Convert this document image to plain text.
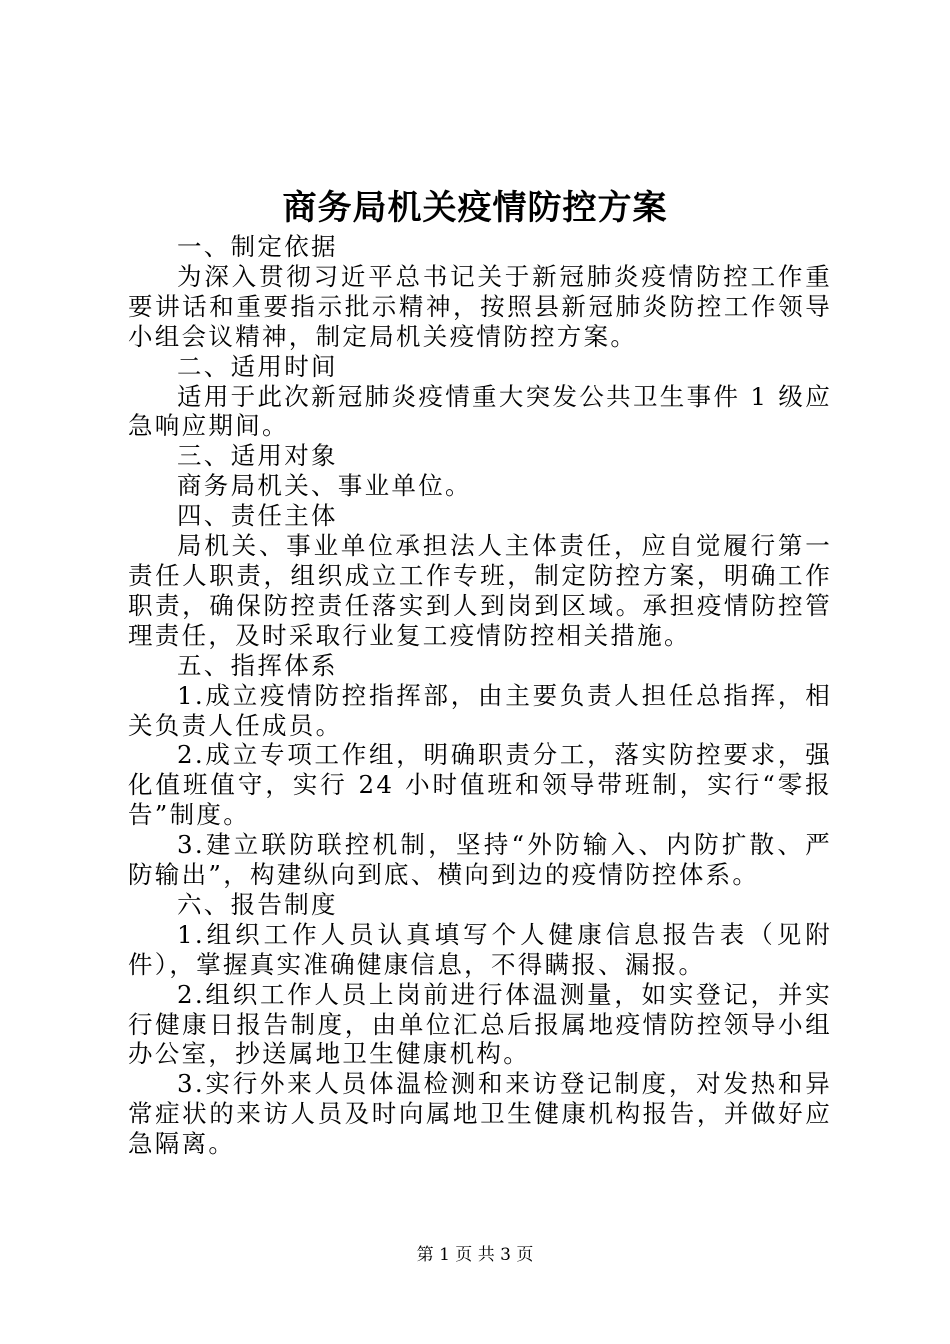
商务局机关疫情防控方案

一、制定依据

为深入贯彻习近平总书记关于新冠肺炎疫情防控工作重要讲话和重要指示批示精神，按照县新冠肺炎防控工作领导小组会议精神，制定局机关疫情防控方案。

二、适用时间

适用于此次新冠肺炎疫情重大突发公共卫生事件 1 级应急响应期间。

三、适用对象

商务局机关、事业单位。

四、责任主体

局机关、事业单位承担法人主体责任，应自觉履行第一责任人职责，组织成立工作专班，制定防控方案，明确工作职责，确保防控责任落实到人到岗到区域。承担疫情防控管理责任，及时采取行业复工疫情防控相关措施。

五、指挥体系

1.成立疫情防控指挥部，由主要负责人担任总指挥，相关负责人任成员。

2.成立专项工作组，明确职责分工，落实防控要求，强化值班值守，实行 24 小时值班和领导带班制，实行“零报告”制度。

3.建立联防联控机制，坚持“外防输入、内防扩散、严防输出”，构建纵向到底、横向到边的疫情防控体系。

六、报告制度

1.组织工作人员认真填写个人健康信息报告表（见附件），掌握真实准确健康信息，不得瞒报、漏报。

2.组织工作人员上岗前进行体温测量，如实登记，并实行健康日报告制度，由单位汇总后报属地疫情防控领导小组办公室，抄送属地卫生健康机构。

3.实行外来人员体温检测和来访登记制度，对发热和异常症状的来访人员及时向属地卫生健康机构报告，并做好应急隔离。

第 1 页 共 3 页
